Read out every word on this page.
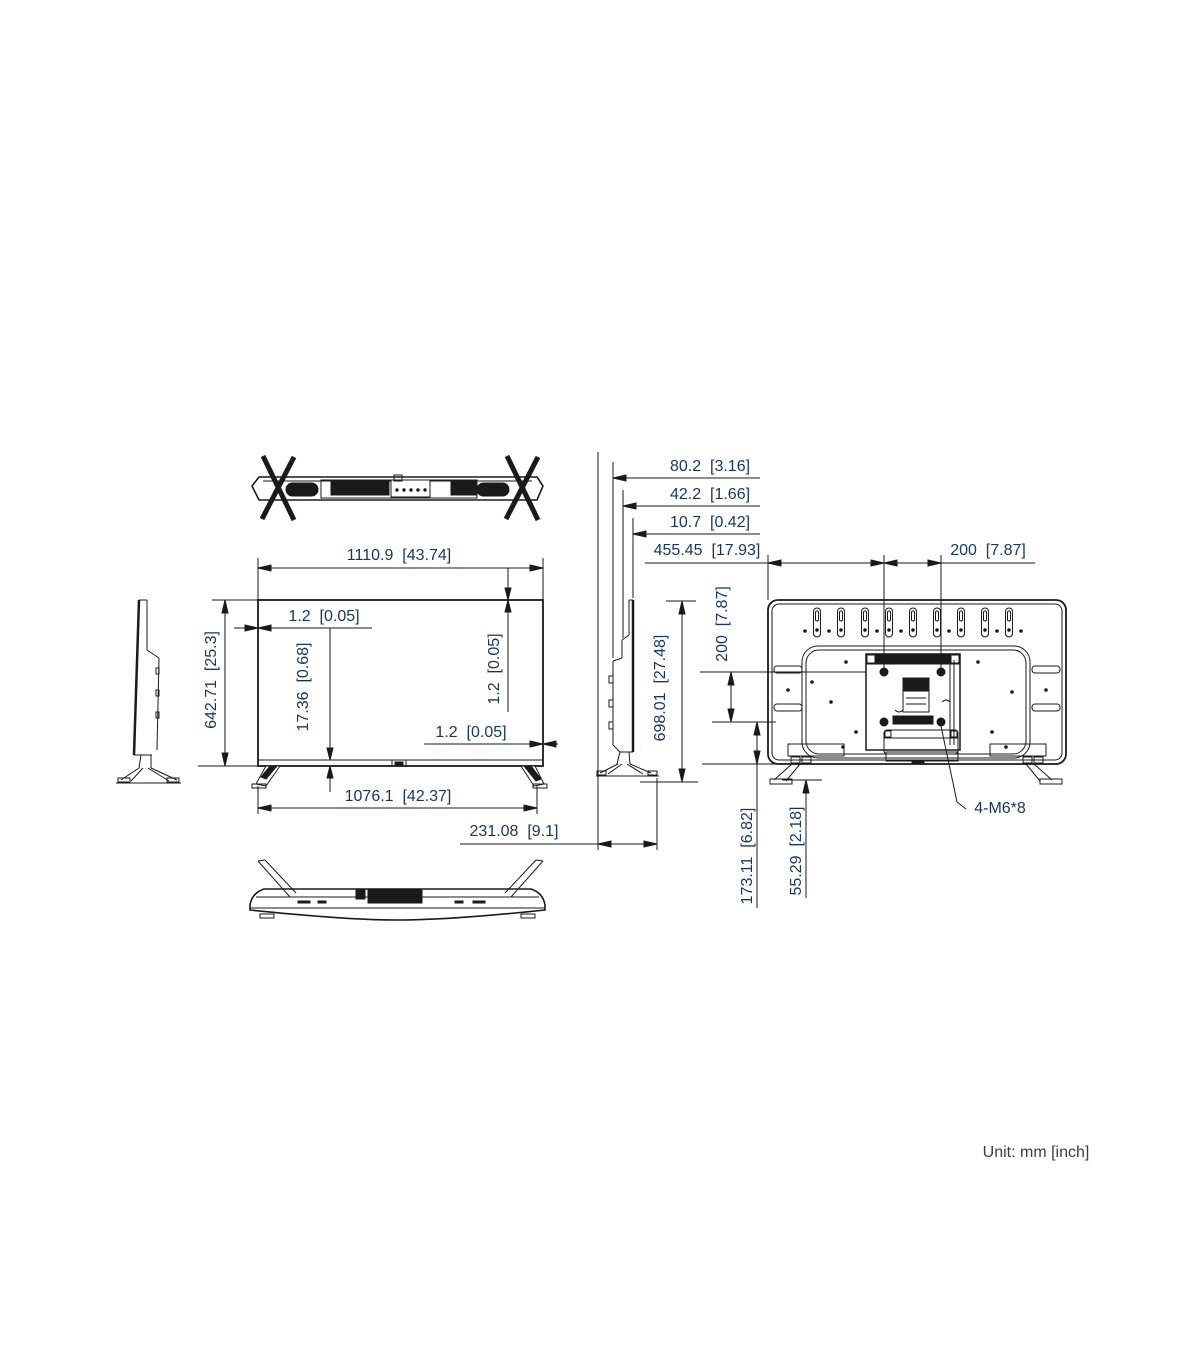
1110.9  [43.74]
642.71  [25.3]
1.2  [0.05]
17.36  [0.68]	1.2  [0.05]
1.2  [0.05]
1076.1  [42.37]
231.08  [9.1]
80.2  [3.16]
42.2  [1.66]
10.7  [0.42]
455.45  [17.93]	200  [7.87]
698.01  [27.48]
200  [7.87]
173.11  [6.82] 55.29  [2.18]	4-M6*8
Unit: mm [inch]
